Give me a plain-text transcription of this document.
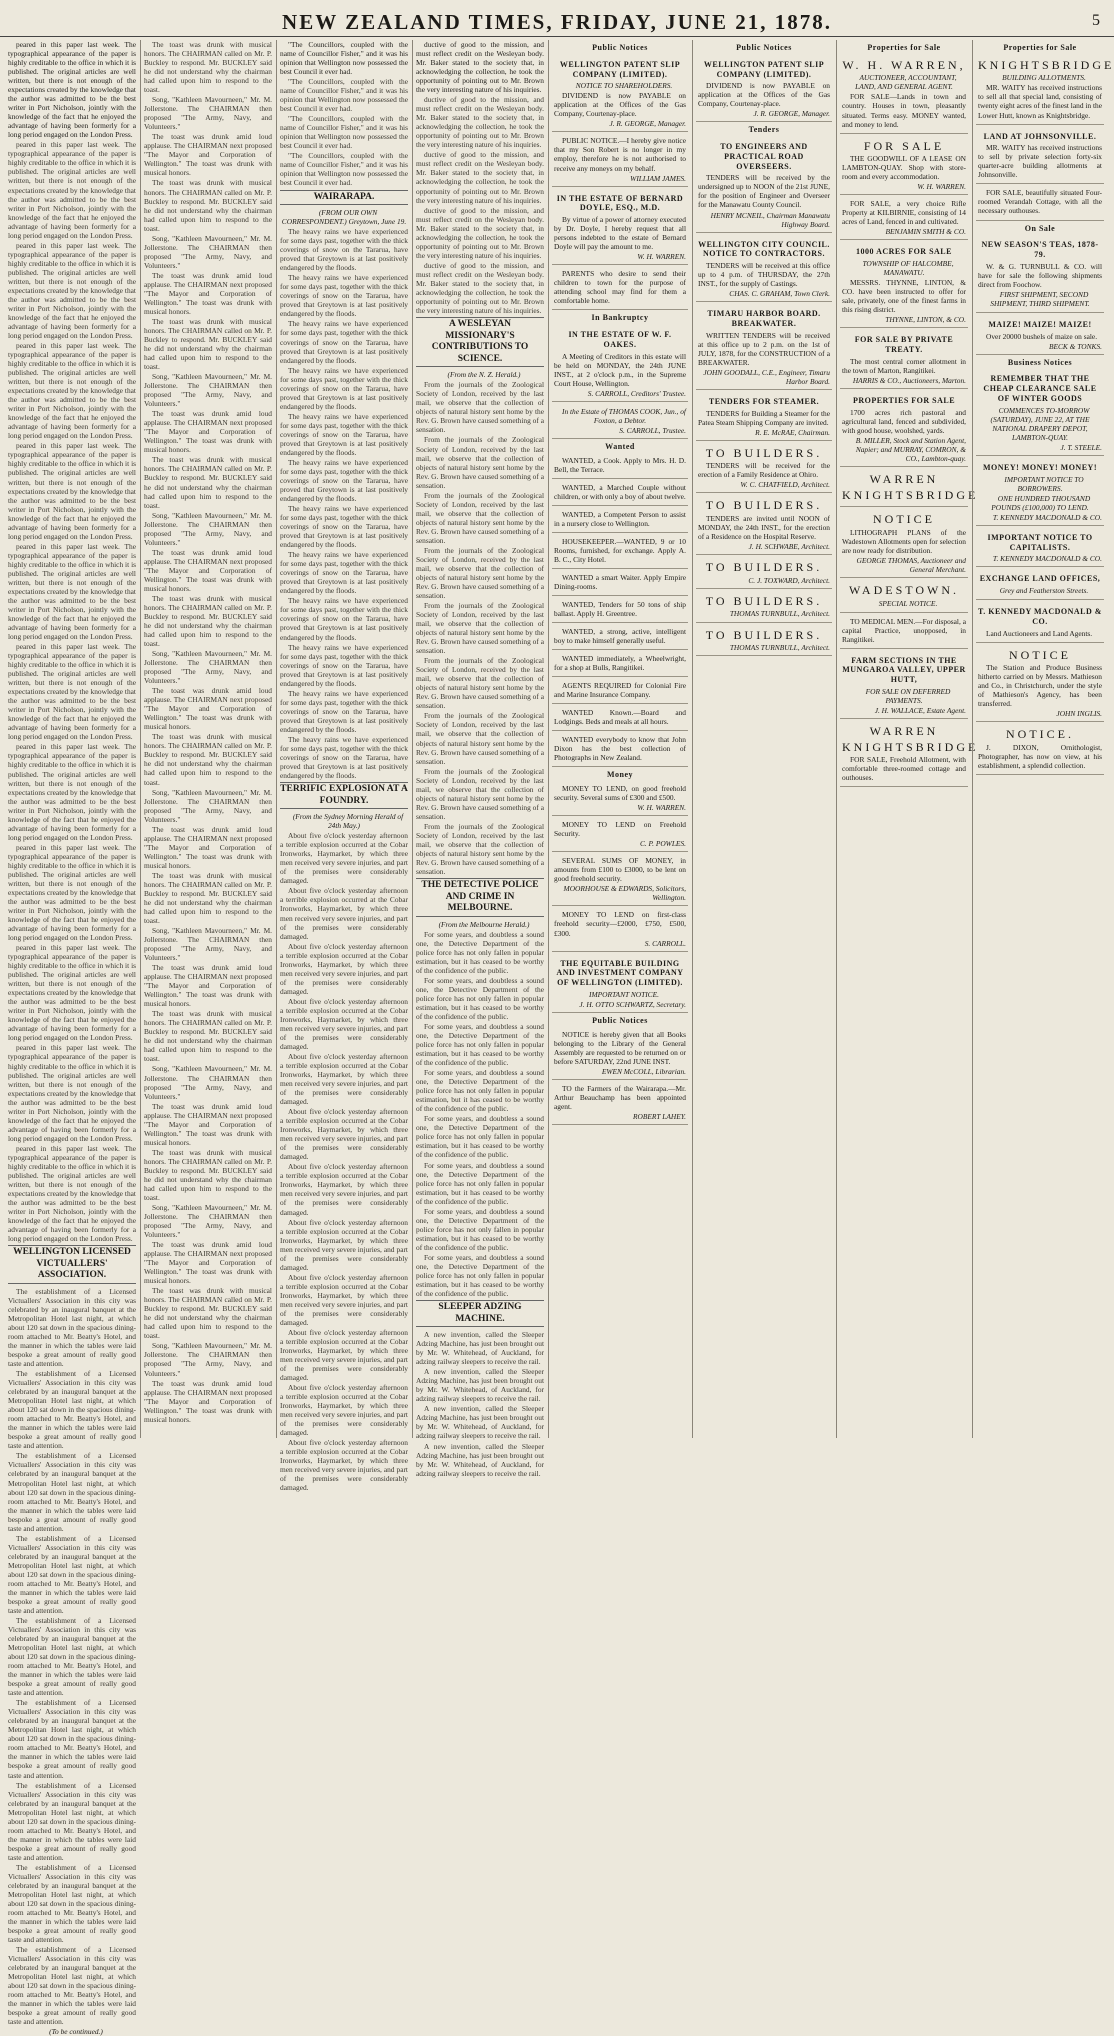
NEW ZEALAND TIMES, FRIDAY, JUNE 21, 1878.	5

peared in this paper last week. The typographical appearance of the paper is highly creditable to the office in which it is published. The original articles are well written, but there is not enough of the expectations created by the knowledge that the author was admitted to be the best writer in Port Nicholson, jointly with the knowledge of the fact that he enjoyed the advantage of having been formerly for a long period engaged on the London Press.

peared in this paper last week. The typographical appearance of the paper is highly creditable to the office in which it is published. The original articles are well written, but there is not enough of the expectations created by the knowledge that the author was admitted to be the best writer in Port Nicholson, jointly with the knowledge of the fact that he enjoyed the advantage of having been formerly for a long period engaged on the London Press.
peared in this paper last week. The typographical appearance of the paper is highly creditable to the office in which it is published. The original articles are well written, but there is not enough of the expectations created by the knowledge that the author was admitted to be the best writer in Port Nicholson, jointly with the knowledge of the fact that he enjoyed the advantage of having been formerly for a long period engaged on the London Press.
peared in this paper last week. The typographical appearance of the paper is highly creditable to the office in which it is published. The original articles are well written, but there is not enough of the expectations created by the knowledge that the author was admitted to be the best writer in Port Nicholson, jointly with the knowledge of the fact that he enjoyed the advantage of having been formerly for a long period engaged on the London Press.
peared in this paper last week. The typographical appearance of the paper is highly creditable to the office in which it is published. The original articles are well written, but there is not enough of the expectations created by the knowledge that the author was admitted to be the best writer in Port Nicholson, jointly with the knowledge of the fact that he enjoyed the advantage of having been formerly for a long period engaged on the London Press.
peared in this paper last week. The typographical appearance of the paper is highly creditable to the office in which it is published. The original articles are well written, but there is not enough of the expectations created by the knowledge that the author was admitted to be the best writer in Port Nicholson, jointly with the knowledge of the fact that he enjoyed the advantage of having been formerly for a long period engaged on the London Press.
peared in this paper last week. The typographical appearance of the paper is highly creditable to the office in which it is published. The original articles are well written, but there is not enough of the expectations created by the knowledge that the author was admitted to be the best writer in Port Nicholson, jointly with the knowledge of the fact that he enjoyed the advantage of having been formerly for a long period engaged on the London Press.
peared in this paper last week. The typographical appearance of the paper is highly creditable to the office in which it is published. The original articles are well written, but there is not enough of the expectations created by the knowledge that the author was admitted to be the best writer in Port Nicholson, jointly with the knowledge of the fact that he enjoyed the advantage of having been formerly for a long period engaged on the London Press.
peared in this paper last week. The typographical appearance of the paper is highly creditable to the office in which it is published. The original articles are well written, but there is not enough of the expectations created by the knowledge that the author was admitted to be the best writer in Port Nicholson, jointly with the knowledge of the fact that he enjoyed the advantage of having been formerly for a long period engaged on the London Press.
peared in this paper last week. The typographical appearance of the paper is highly creditable to the office in which it is published. The original articles are well written, but there is not enough of the expectations created by the knowledge that the author was admitted to be the best writer in Port Nicholson, jointly with the knowledge of the fact that he enjoyed the advantage of having been formerly for a long period engaged on the London Press.
peared in this paper last week. The typographical appearance of the paper is highly creditable to the office in which it is published. The original articles are well written, but there is not enough of the expectations created by the knowledge that the author was admitted to be the best writer in Port Nicholson, jointly with the knowledge of the fact that he enjoyed the advantage of having been formerly for a long period engaged on the London Press.
peared in this paper last week. The typographical appearance of the paper is highly creditable to the office in which it is published. The original articles are well written, but there is not enough of the expectations created by the knowledge that the author was admitted to be the best writer in Port Nicholson, jointly with the knowledge of the fact that he enjoyed the advantage of having been formerly for a long period engaged on the London Press.
WELLINGTON LICENSED VICTUALLERS' ASSOCIATION.
The establishment of a Licensed Victuallers' Association in this city was celebrated by an inaugural banquet at the Metropolitan Hotel last night, at which about 120 sat down in the spacious dining-room attached to Mr. Beatty's Hotel, and the manner in which the tables were laid bespoke a great amount of really good taste and attention.
The establishment of a Licensed Victuallers' Association in this city was celebrated by an inaugural banquet at the Metropolitan Hotel last night, at which about 120 sat down in the spacious dining-room attached to Mr. Beatty's Hotel, and the manner in which the tables were laid bespoke a great amount of really good taste and attention.
The establishment of a Licensed Victuallers' Association in this city was celebrated by an inaugural banquet at the Metropolitan Hotel last night, at which about 120 sat down in the spacious dining-room attached to Mr. Beatty's Hotel, and the manner in which the tables were laid bespoke a great amount of really good taste and attention.
The establishment of a Licensed Victuallers' Association in this city was celebrated by an inaugural banquet at the Metropolitan Hotel last night, at which about 120 sat down in the spacious dining-room attached to Mr. Beatty's Hotel, and the manner in which the tables were laid bespoke a great amount of really good taste and attention.
The establishment of a Licensed Victuallers' Association in this city was celebrated by an inaugural banquet at the Metropolitan Hotel last night, at which about 120 sat down in the spacious dining-room attached to Mr. Beatty's Hotel, and the manner in which the tables were laid bespoke a great amount of really good taste and attention.
The establishment of a Licensed Victuallers' Association in this city was celebrated by an inaugural banquet at the Metropolitan Hotel last night, at which about 120 sat down in the spacious dining-room attached to Mr. Beatty's Hotel, and the manner in which the tables were laid bespoke a great amount of really good taste and attention.
The establishment of a Licensed Victuallers' Association in this city was celebrated by an inaugural banquet at the Metropolitan Hotel last night, at which about 120 sat down in the spacious dining-room attached to Mr. Beatty's Hotel, and the manner in which the tables were laid bespoke a great amount of really good taste and attention.
The establishment of a Licensed Victuallers' Association in this city was celebrated by an inaugural banquet at the Metropolitan Hotel last night, at which about 120 sat down in the spacious dining-room attached to Mr. Beatty's Hotel, and the manner in which the tables were laid bespoke a great amount of really good taste and attention.
The establishment of a Licensed Victuallers' Association in this city was celebrated by an inaugural banquet at the Metropolitan Hotel last night, at which about 120 sat down in the spacious dining-room attached to Mr. Beatty's Hotel, and the manner in which the tables were laid bespoke a great amount of really good taste and attention.

(To be continued.)

The toast was drunk with musical honors. The CHAIRMAN called on Mr. P. Buckley to respond. Mr. BUCKLEY said he did not understand why the chairman had called upon him to respond to the toast.
Song, "Kathleen Mavourneen," Mr. M. Jollerstone. The CHAIRMAN then proposed "The Army, Navy, and Volunteers."
The toast was drunk amid loud applause. The CHAIRMAN next proposed "The Mayor and Corporation of Wellington." The toast was drunk with musical honors.
The toast was drunk with musical honors. The CHAIRMAN called on Mr. P. Buckley to respond. Mr. BUCKLEY said he did not understand why the chairman had called upon him to respond to the toast.
Song, "Kathleen Mavourneen," Mr. M. Jollerstone. The CHAIRMAN then proposed "The Army, Navy, and Volunteers."
The toast was drunk amid loud applause. The CHAIRMAN next proposed "The Mayor and Corporation of Wellington." The toast was drunk with musical honors.
The toast was drunk with musical honors. The CHAIRMAN called on Mr. P. Buckley to respond. Mr. BUCKLEY said he did not understand why the chairman had called upon him to respond to the toast.
Song, "Kathleen Mavourneen," Mr. M. Jollerstone. The CHAIRMAN then proposed "The Army, Navy, and Volunteers."
The toast was drunk amid loud applause. The CHAIRMAN next proposed "The Mayor and Corporation of Wellington." The toast was drunk with musical honors.
The toast was drunk with musical honors. The CHAIRMAN called on Mr. P. Buckley to respond. Mr. BUCKLEY said he did not understand why the chairman had called upon him to respond to the toast.
Song, "Kathleen Mavourneen," Mr. M. Jollerstone. The CHAIRMAN then proposed "The Army, Navy, and Volunteers."
The toast was drunk amid loud applause. The CHAIRMAN next proposed "The Mayor and Corporation of Wellington." The toast was drunk with musical honors.
The toast was drunk with musical honors. The CHAIRMAN called on Mr. P. Buckley to respond. Mr. BUCKLEY said he did not understand why the chairman had called upon him to respond to the toast.
Song, "Kathleen Mavourneen," Mr. M. Jollerstone. The CHAIRMAN then proposed "The Army, Navy, and Volunteers."
The toast was drunk amid loud applause. The CHAIRMAN next proposed "The Mayor and Corporation of Wellington." The toast was drunk with musical honors.
The toast was drunk with musical honors. The CHAIRMAN called on Mr. P. Buckley to respond. Mr. BUCKLEY said he did not understand why the chairman had called upon him to respond to the toast.
Song, "Kathleen Mavourneen," Mr. M. Jollerstone. The CHAIRMAN then proposed "The Army, Navy, and Volunteers."
The toast was drunk amid loud applause. The CHAIRMAN next proposed "The Mayor and Corporation of Wellington." The toast was drunk with musical honors.
The toast was drunk with musical honors. The CHAIRMAN called on Mr. P. Buckley to respond. Mr. BUCKLEY said he did not understand why the chairman had called upon him to respond to the toast.
Song, "Kathleen Mavourneen," Mr. M. Jollerstone. The CHAIRMAN then proposed "The Army, Navy, and Volunteers."
The toast was drunk amid loud applause. The CHAIRMAN next proposed "The Mayor and Corporation of Wellington." The toast was drunk with musical honors.
The toast was drunk with musical honors. The CHAIRMAN called on Mr. P. Buckley to respond. Mr. BUCKLEY said he did not understand why the chairman had called upon him to respond to the toast.
Song, "Kathleen Mavourneen," Mr. M. Jollerstone. The CHAIRMAN then proposed "The Army, Navy, and Volunteers."
The toast was drunk amid loud applause. The CHAIRMAN next proposed "The Mayor and Corporation of Wellington." The toast was drunk with musical honors.
The toast was drunk with musical honors. The CHAIRMAN called on Mr. P. Buckley to respond. Mr. BUCKLEY said he did not understand why the chairman had called upon him to respond to the toast.
Song, "Kathleen Mavourneen," Mr. M. Jollerstone. The CHAIRMAN then proposed "The Army, Navy, and Volunteers."
The toast was drunk amid loud applause. The CHAIRMAN next proposed "The Mayor and Corporation of Wellington." The toast was drunk with musical honors.
The toast was drunk with musical honors. The CHAIRMAN called on Mr. P. Buckley to respond. Mr. BUCKLEY said he did not understand why the chairman had called upon him to respond to the toast.
Song, "Kathleen Mavourneen," Mr. M. Jollerstone. The CHAIRMAN then proposed "The Army, Navy, and Volunteers."
The toast was drunk amid loud applause. The CHAIRMAN next proposed "The Mayor and Corporation of Wellington." The toast was drunk with musical honors.

"The Councillors, coupled with the name of Councillor Fisher," and it was his opinion that Wellington now possessed the best Council it ever had.

"The Councillors, coupled with the name of Councillor Fisher," and it was his opinion that Wellington now possessed the best Council it ever had.
"The Councillors, coupled with the name of Councillor Fisher," and it was his opinion that Wellington now possessed the best Council it ever had.
"The Councillors, coupled with the name of Councillor Fisher," and it was his opinion that Wellington now possessed the best Council it ever had.
WAIRARAPA.

(FROM OUR OWN CORRESPONDENT.) Greytown, June 19.

The heavy rains we have experienced for some days past, together with the thick coverings of snow on the Tararua, have proved that Greytown is at last positively endangered by the floods.
The heavy rains we have experienced for some days past, together with the thick coverings of snow on the Tararua, have proved that Greytown is at last positively endangered by the floods.
The heavy rains we have experienced for some days past, together with the thick coverings of snow on the Tararua, have proved that Greytown is at last positively endangered by the floods.
The heavy rains we have experienced for some days past, together with the thick coverings of snow on the Tararua, have proved that Greytown is at last positively endangered by the floods.
The heavy rains we have experienced for some days past, together with the thick coverings of snow on the Tararua, have proved that Greytown is at last positively endangered by the floods.
The heavy rains we have experienced for some days past, together with the thick coverings of snow on the Tararua, have proved that Greytown is at last positively endangered by the floods.
The heavy rains we have experienced for some days past, together with the thick coverings of snow on the Tararua, have proved that Greytown is at last positively endangered by the floods.
The heavy rains we have experienced for some days past, together with the thick coverings of snow on the Tararua, have proved that Greytown is at last positively endangered by the floods.
The heavy rains we have experienced for some days past, together with the thick coverings of snow on the Tararua, have proved that Greytown is at last positively endangered by the floods.
The heavy rains we have experienced for some days past, together with the thick coverings of snow on the Tararua, have proved that Greytown is at last positively endangered by the floods.
The heavy rains we have experienced for some days past, together with the thick coverings of snow on the Tararua, have proved that Greytown is at last positively endangered by the floods.
The heavy rains we have experienced for some days past, together with the thick coverings of snow on the Tararua, have proved that Greytown is at last positively endangered by the floods.
TERRIFIC EXPLOSION AT A FOUNDRY.

(From the Sydney Morning Herald of 24th May.)

About five o'clock yesterday afternoon a terrible explosion occurred at the Cobar Ironworks, Haymarket, by which three men received very severe injuries, and part of the premises were considerably damaged.
About five o'clock yesterday afternoon a terrible explosion occurred at the Cobar Ironworks, Haymarket, by which three men received very severe injuries, and part of the premises were considerably damaged.
About five o'clock yesterday afternoon a terrible explosion occurred at the Cobar Ironworks, Haymarket, by which three men received very severe injuries, and part of the premises were considerably damaged.
About five o'clock yesterday afternoon a terrible explosion occurred at the Cobar Ironworks, Haymarket, by which three men received very severe injuries, and part of the premises were considerably damaged.
About five o'clock yesterday afternoon a terrible explosion occurred at the Cobar Ironworks, Haymarket, by which three men received very severe injuries, and part of the premises were considerably damaged.
About five o'clock yesterday afternoon a terrible explosion occurred at the Cobar Ironworks, Haymarket, by which three men received very severe injuries, and part of the premises were considerably damaged.
About five o'clock yesterday afternoon a terrible explosion occurred at the Cobar Ironworks, Haymarket, by which three men received very severe injuries, and part of the premises were considerably damaged.
About five o'clock yesterday afternoon a terrible explosion occurred at the Cobar Ironworks, Haymarket, by which three men received very severe injuries, and part of the premises were considerably damaged.
About five o'clock yesterday afternoon a terrible explosion occurred at the Cobar Ironworks, Haymarket, by which three men received very severe injuries, and part of the premises were considerably damaged.
About five o'clock yesterday afternoon a terrible explosion occurred at the Cobar Ironworks, Haymarket, by which three men received very severe injuries, and part of the premises were considerably damaged.
About five o'clock yesterday afternoon a terrible explosion occurred at the Cobar Ironworks, Haymarket, by which three men received very severe injuries, and part of the premises were considerably damaged.
About five o'clock yesterday afternoon a terrible explosion occurred at the Cobar Ironworks, Haymarket, by which three men received very severe injuries, and part of the premises were considerably damaged.

ductive of good to the mission, and must reflect credit on the Wesleyan body. Mr. Baker stated to the society that, in acknowledging the collection, he took the opportunity of pointing out to Mr. Brown the very interesting nature of his inquiries.

ductive of good to the mission, and must reflect credit on the Wesleyan body. Mr. Baker stated to the society that, in acknowledging the collection, he took the opportunity of pointing out to Mr. Brown the very interesting nature of his inquiries.
ductive of good to the mission, and must reflect credit on the Wesleyan body. Mr. Baker stated to the society that, in acknowledging the collection, he took the opportunity of pointing out to Mr. Brown the very interesting nature of his inquiries.
ductive of good to the mission, and must reflect credit on the Wesleyan body. Mr. Baker stated to the society that, in acknowledging the collection, he took the opportunity of pointing out to Mr. Brown the very interesting nature of his inquiries.
ductive of good to the mission, and must reflect credit on the Wesleyan body. Mr. Baker stated to the society that, in acknowledging the collection, he took the opportunity of pointing out to Mr. Brown the very interesting nature of his inquiries.
A WESLEYAN MISSIONARY'S CONTRIBUTIONS TO SCIENCE.

(From the N. Z. Herald.)

From the journals of the Zoological Society of London, received by the last mail, we observe that the collection of objects of natural history sent home by the Rev. G. Brown have caused something of a sensation.
From the journals of the Zoological Society of London, received by the last mail, we observe that the collection of objects of natural history sent home by the Rev. G. Brown have caused something of a sensation.
From the journals of the Zoological Society of London, received by the last mail, we observe that the collection of objects of natural history sent home by the Rev. G. Brown have caused something of a sensation.
From the journals of the Zoological Society of London, received by the last mail, we observe that the collection of objects of natural history sent home by the Rev. G. Brown have caused something of a sensation.
From the journals of the Zoological Society of London, received by the last mail, we observe that the collection of objects of natural history sent home by the Rev. G. Brown have caused something of a sensation.
From the journals of the Zoological Society of London, received by the last mail, we observe that the collection of objects of natural history sent home by the Rev. G. Brown have caused something of a sensation.
From the journals of the Zoological Society of London, received by the last mail, we observe that the collection of objects of natural history sent home by the Rev. G. Brown have caused something of a sensation.
From the journals of the Zoological Society of London, received by the last mail, we observe that the collection of objects of natural history sent home by the Rev. G. Brown have caused something of a sensation.
From the journals of the Zoological Society of London, received by the last mail, we observe that the collection of objects of natural history sent home by the Rev. G. Brown have caused something of a sensation.
THE DETECTIVE POLICE AND CRIME IN MELBOURNE.

(From the Melbourne Herald.)

For some years, and doubtless a sound one, the Detective Department of the police force has not only fallen in popular estimation, but it has ceased to be worthy of the confidence of the public.
For some years, and doubtless a sound one, the Detective Department of the police force has not only fallen in popular estimation, but it has ceased to be worthy of the confidence of the public.
For some years, and doubtless a sound one, the Detective Department of the police force has not only fallen in popular estimation, but it has ceased to be worthy of the confidence of the public.
For some years, and doubtless a sound one, the Detective Department of the police force has not only fallen in popular estimation, but it has ceased to be worthy of the confidence of the public.
For some years, and doubtless a sound one, the Detective Department of the police force has not only fallen in popular estimation, but it has ceased to be worthy of the confidence of the public.
For some years, and doubtless a sound one, the Detective Department of the police force has not only fallen in popular estimation, but it has ceased to be worthy of the confidence of the public.
For some years, and doubtless a sound one, the Detective Department of the police force has not only fallen in popular estimation, but it has ceased to be worthy of the confidence of the public.
For some years, and doubtless a sound one, the Detective Department of the police force has not only fallen in popular estimation, but it has ceased to be worthy of the confidence of the public.
SLEEPER ADZING MACHINE.
A new invention, called the Sleeper Adzing Machine, has just been brought out by Mr. W. Whitehead, of Auckland, for adzing railway sleepers to receive the rail.
A new invention, called the Sleeper Adzing Machine, has just been brought out by Mr. W. Whitehead, of Auckland, for adzing railway sleepers to receive the rail.
A new invention, called the Sleeper Adzing Machine, has just been brought out by Mr. W. Whitehead, of Auckland, for adzing railway sleepers to receive the rail.
A new invention, called the Sleeper Adzing Machine, has just been brought out by Mr. W. Whitehead, of Auckland, for adzing railway sleepers to receive the rail.
Public Notices
WELLINGTON PATENT SLIP COMPANY (LIMITED).

NOTICE TO SHAREHOLDERS.

DIVIDEND is now PAYABLE on application at the Offices of the Gas Company, Courtenay-place.

J. R. GEORGE, Manager.

PUBLIC NOTICE.—I hereby give notice that my Son Robert is no longer in my employ, therefore he is not authorised to receive any moneys on my behalf.

WILLIAM JAMES.
IN THE ESTATE OF BERNARD DOYLE, ESQ., M.D.

By virtue of a power of attorney executed by Dr. Doyle, I hereby request that all persons indebted to the estate of Bernard Doyle will pay the amount to me.

W. H. WARREN.

PARENTS who desire to send their children to town for the purpose of attending school may find for them a comfortable home.

In Bankruptcy
IN THE ESTATE OF W. F. OAKES.

A Meeting of Creditors in this estate will be held on MONDAY, the 24th JUNE INST., at 2 o'clock p.m., in the Supreme Court House, Wellington.

S. CARROLL, Creditors' Trustee.

In the Estate of THOMAS COOK, Jun., of Foxton, a Debtor.

S. CARROLL, Trustee.
Wanted

WANTED, a Cook. Apply to Mrs. H. D. Bell, the Terrace.

WANTED, a Marched Couple without children, or with only a boy of about twelve.

WANTED, a Competent Person to assist in a nursery close to Wellington.

HOUSEKEEPER.—WANTED, 9 or 10 Rooms, furnished, for exchange. Apply A. B. C., City Hotel.

WANTED a smart Waiter. Apply Empire Dining-rooms.

WANTED, Tenders for 50 tons of ship ballast. Apply H. Greentree.

WANTED, a strong, active, intelligent boy to make himself generally useful.

WANTED immediately, a Wheelwright, for a shop at Bulls, Rangitikei.

AGENTS REQUIRED for Colonial Fire and Marine Insurance Company.

WANTED Known.—Board and Lodgings. Beds and meals at all hours.

WANTED everybody to know that John Dixon has the best collection of Photographs in New Zealand.

Money

MONEY TO LEND, on good freehold security. Several sums of £300 and £500.

W. H. WARREN.

MONEY TO LEND on Freehold Security.

C. P. POWLES.

SEVERAL SUMS OF MONEY, in amounts from £100 to £3000, to be lent on good freehold security.

MOORHOUSE & EDWARDS, Solicitors, Wellington.

MONEY TO LEND on first-class freehold security—£2000, £750, £500, £300.

S. CARROLL.
THE EQUITABLE BUILDING AND INVESTMENT COMPANY OF WELLINGTON (LIMITED).

IMPORTANT NOTICE.

J. H. OTTO SCHWARTZ, Secretary.
Public Notices

NOTICE is hereby given that all Books belonging to the Library of the General Assembly are requested to be returned on or before SATURDAY, 22nd JUNE INST.

EWEN McCOLL, Librarian.

TO the Farmers of the Wairarapa.—Mr. Arthur Beauchamp has been appointed agent.

ROBERT LAHEY.
Public Notices
WELLINGTON PATENT SLIP COMPANY (LIMITED).

DIVIDEND is now PAYABLE on application at the Offices of the Gas Company, Courtenay-place.

J. R. GEORGE, Manager.
Tenders
TO ENGINEERS AND PRACTICAL ROAD OVERSEERS.

TENDERS will be received by the undersigned up to NOON of the 21st JUNE, for the position of Engineer and Overseer for the Manawatu County Council.

HENRY MCNEIL, Chairman Manawatu Highway Board.
WELLINGTON CITY COUNCIL. NOTICE TO CONTRACTORS.

TENDERS will be received at this office up to 4 p.m. of THURSDAY, the 27th INST., for the supply of Castings.

CHAS. C. GRAHAM, Town Clerk.
TIMARU HARBOR BOARD. BREAKWATER.

WRITTEN TENDERS will be received at this office up to 2 p.m. on the 1st of JULY, 1878, for the CONSTRUCTION of a BREAKWATER.

JOHN GOODALL, C.E., Engineer, Timaru Harbor Board.
TENDERS FOR STEAMER.

TENDERS for Building a Steamer for the Patea Steam Shipping Company are invited.

R. E. McRAE, Chairman.
TO BUILDERS.

TENDERS will be received for the erection of a Family Residence at Ohiro.

W. C. CHATFIELD, Architect.
TO BUILDERS.

TENDERS are invited until NOON of MONDAY, the 24th INST., for the erection of a Residence on the Hospital Reserve.

J. H. SCHWABE, Architect.
TO BUILDERS.
C. J. TOXWARD, Architect.
TO BUILDERS.
THOMAS TURNBULL, Architect.
TO BUILDERS.
THOMAS TURNBULL, Architect.
Properties for Sale
W. H. WARREN,

AUCTIONEER, ACCOUNTANT, LAND, AND GENERAL AGENT.

FOR SALE—Lands in town and country. Houses in town, pleasantly situated. Terms easy. MONEY wanted, and money to lend.

FOR SALE

THE GOODWILL OF A LEASE ON LAMBTON-QUAY. Shop with store-room and every accommodation.

W. H. WARREN.

FOR SALE, a very choice Rifle Property at KILBIRNIE, consisting of 14 acres of Land, fenced in and cultivated.

BENJAMIN SMITH & CO.
1000 ACRES FOR SALE

TOWNSHIP OF HALCOMBE, MANAWATU.

MESSRS. THYNNE, LINTON, & CO. have been instructed to offer for sale, privately, one of the finest farms in this rising district.

THYNNE, LINTON, & CO.
FOR SALE BY PRIVATE TREATY.

The most central corner allotment in the town of Marton, Rangitikei.

HARRIS & CO., Auctioneers, Marton.
PROPERTIES FOR SALE

1700 acres rich pastoral and agricultural land, fenced and subdivided, with good house, woolshed, yards.

B. MILLER, Stock and Station Agent, Napier; and MURRAY, COMRON, & CO., Lambton-quay.
WARREN
KNIGHTSBRIDGE
NOTICE

LITHOGRAPH PLANS of the Wadestown Allotments open for selection are now ready for distribution.

GEORGE THOMAS, Auctioneer and General Merchant.
WADESTOWN.

SPECIAL NOTICE.

TO MEDICAL MEN.—For disposal, a capital Practice, unopposed, in Rangitikei.

FARM SECTIONS IN THE MUNGAROA VALLEY, UPPER HUTT,

FOR SALE ON DEFERRED PAYMENTS.

J. H. WALLACE, Estate Agent.
WARREN
KNIGHTSBRIDGE

FOR SALE, Freehold Allotment, with comfortable three-roomed cottage and outhouses.

Properties for Sale
KNIGHTSBRIDGE

BUILDING ALLOTMENTS.

MR. WAITY has received instructions to sell all that special land, consisting of twenty eight acres of the finest land in the Lower Hutt, known as Knightsbridge.

LAND AT JOHNSONVILLE.

MR. WAITY has received instructions to sell by private selection forty-six quarter-acre building allotments at Johnsonville.

FOR SALE, beautifully situated Four-roomed Verandah Cottage, with all the necessary outhouses.

On Sale
NEW SEASON'S TEAS, 1878-79.

W. & G. TURNBULL & CO. will have for sale the following shipments direct from Foochow.

FIRST SHIPMENT, SECOND SHIPMENT, THIRD SHIPMENT.

MAIZE! MAIZE! MAIZE!

Over 20000 bushels of maize on sale.

BECK & TONKS.
Business Notices
REMEMBER THAT THE CHEAP CLEARANCE SALE OF WINTER GOODS

COMMENCES TO-MORROW (SATURDAY), JUNE 22, AT THE NATIONAL DRAPERY DEPOT, LAMBTON-QUAY.

J. T. STEELE.
MONEY! MONEY! MONEY!

IMPORTANT NOTICE TO BORROWERS.

ONE HUNDRED THOUSAND POUNDS (£100,000) TO LEND.

T. KENNEDY MACDONALD & CO.
IMPORTANT NOTICE TO CAPITALISTS.
T. KENNEDY MACDONALD & CO.
EXCHANGE LAND OFFICES,

Grey and Featherston Streets.

T. KENNEDY MACDONALD & CO.

Land Auctioneers and Land Agents.

NOTICE

The Station and Produce Business hitherto carried on by Messrs. Mathieson and Co., in Christchurch, under the style of Mathieson's Agency, has been transferred.

JOHN INGLIS.
NOTICE.

J. DIXON, Ornithologist, Photographer, has now on view, at his establishment, a splendid collection.
